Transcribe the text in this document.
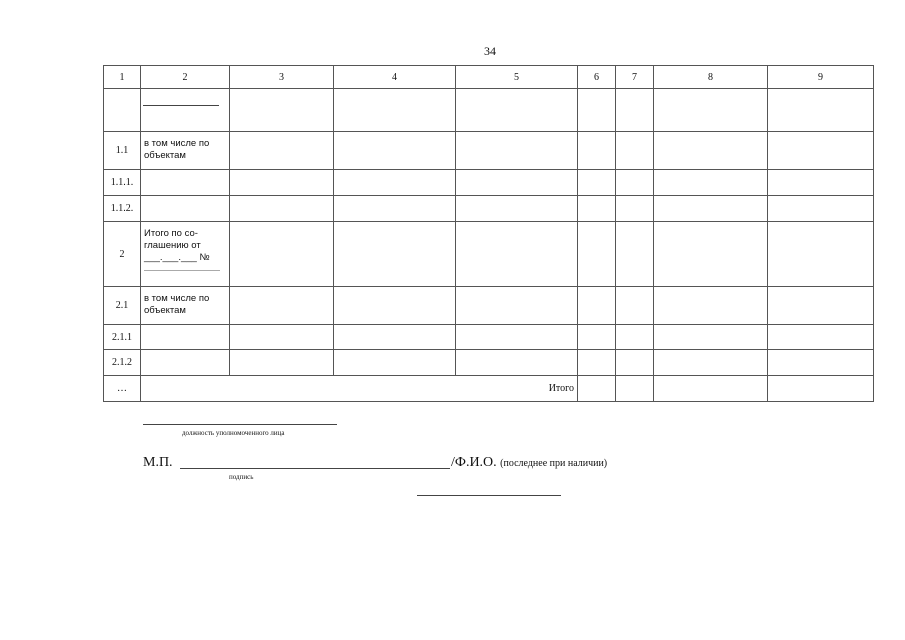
34
1	2	3	4	5	6	7	8	9

1.1	в том числе по объектам							
1.1.1.								
1.1.2.								
2	Итого по со-глашению от ___.___.___ №

2.1	в том числе по объектам							
2.1.1								
2.1.2								
…	Итого							
должность уполномоченного лица
М.П.
подпись
/Ф.И.О. (последнее при наличии)
